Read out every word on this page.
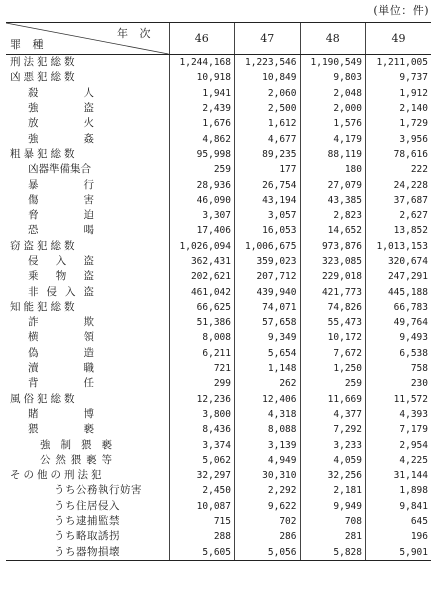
(単位：件)
年 次
罪 種	46	47	48	49

刑法犯総数	1,244,168	1,223,546	1,190,549	1,211,005

凶悪犯総数	10,918	10,849	9,803	9,737

殺 人	1,941	2,060	2,048	1,912

強 盗	2,439	2,500	2,000	2,140

放 火	1,676	1,612	1,576	1,729

強 姦	4,862	4,677	4,179	3,956

粗暴犯総数	95,998	89,235	88,119	78,616

凶器準備集合	259	177	180	222

暴 行	28,936	26,754	27,079	24,228

傷 害	46,090	43,194	43,385	37,687

脅 迫	3,307	3,057	2,823	2,627

恐 喝	17,406	16,053	14,652	13,852

窃盗犯総数	1,026,094	1,006,675	973,876	1,013,153

侵 入 盗	362,431	359,023	323,085	320,674

乗 物 盗	202,621	207,712	229,018	247,291

非 侵 入 盗	461,042	439,940	421,773	445,188

知能犯総数	66,625	74,071	74,826	66,783

詐 欺	51,386	57,658	55,473	49,764

横 領	8,008	9,349	10,172	9,493

偽 造	6,211	5,654	7,672	6,538

瀆 職	721	1,148	1,250	758

背 任	299	262	259	230

風俗犯総数	12,236	12,406	11,669	11,572

賭 博	3,800	4,318	4,377	4,393

猥 褻	8,436	8,088	7,292	7,179

強 制 猥 褻	3,374	3,139	3,233	2,954

公 然 猥 褻 等	5,062	4,949	4,059	4,225

その他の刑法犯	32,297	30,310	32,256	31,144

うち公務執行妨害	2,450	2,292	2,181	1,898

うち住居侵入	10,087	9,622	9,949	9,841

うち逮捕監禁	715	702	708	645

うち略取誘拐	288	286	281	196

うち器物損壊	5,605	5,056	5,828	5,901
